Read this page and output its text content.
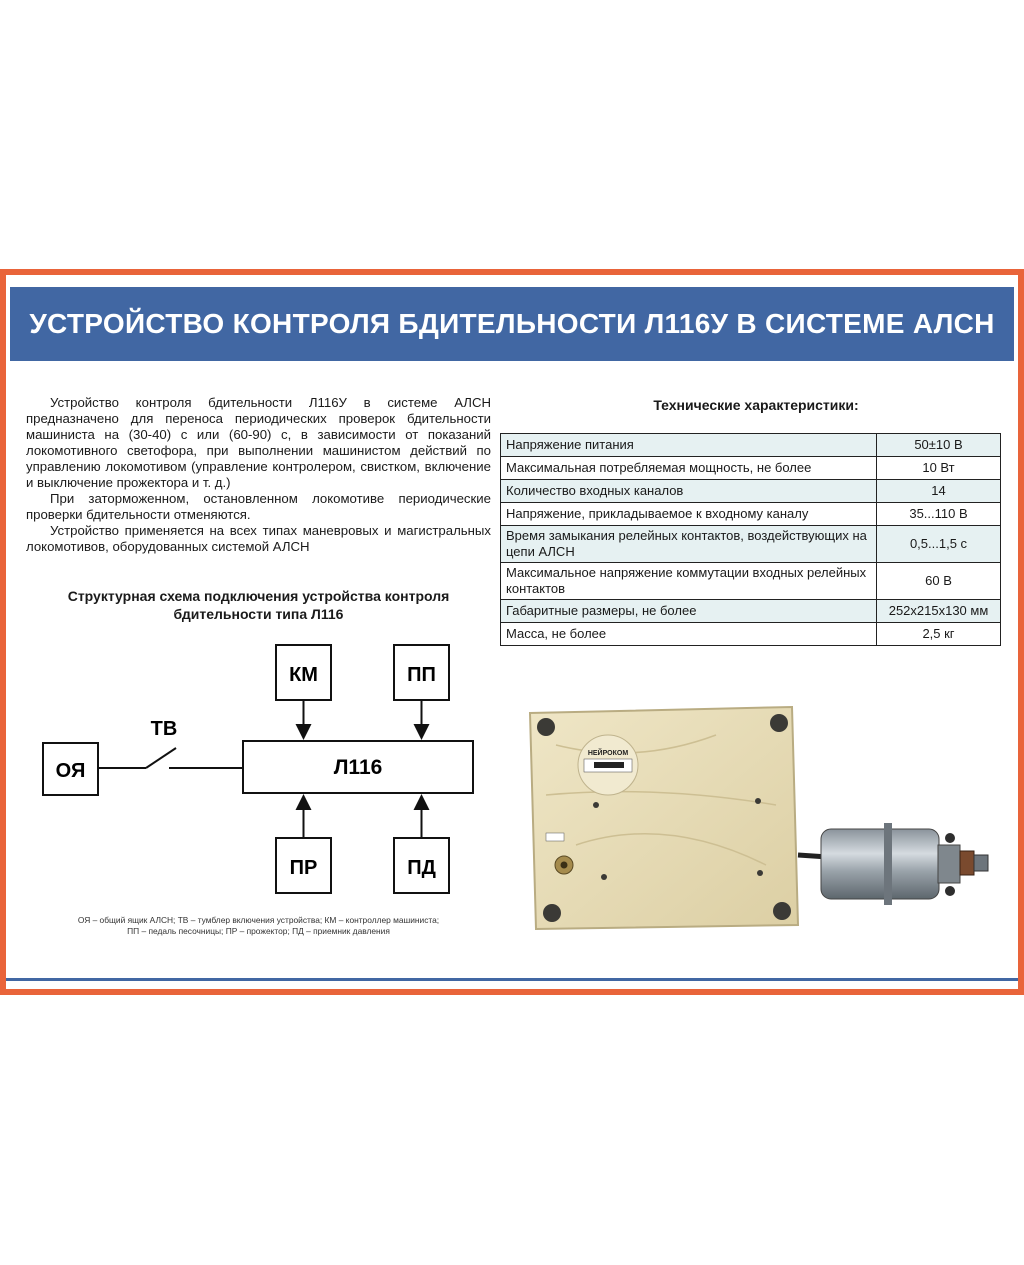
УСТРОЙСТВО КОНТРОЛЯ БДИТЕЛЬНОСТИ Л116У В СИСТЕМЕ АЛСН

Устройство контроля бдительности Л116У в системе АЛСН предназначено для переноса периодических проверок бдительности машиниста на (30-40) с или (60-90) с, в зависимости от показаний локомотивного светофора, при выполнении машинистом действий по управлению локомотивом (управление контролером, свистком, включение и выключение прожектора и т. д.)

При заторможенном, остановленном локомотиве периодические проверки бдительности отменяются.

Устройство применяется на всех типах маневровых и магистральных локомотивов, оборудованных системой АЛСН

Структурная схема подключения устройства контроля бдительности типа Л116
КМ	ПП
Л116
ОЯ
ТВ
ПР	ПД
ОЯ – общий ящик АЛСН; ТВ – тумблер включения устройства; КМ – контроллер машиниста;
ПП – педаль песочницы; ПР – прожектор; ПД – приемник давления
Технические характеристики:
Напряжение питания	50±10 В
Максимальная потребляемая мощность, не более	10 Вт
Количество входных каналов	14
Напряжение, прикладываемое к входному каналу	35...110 В
Время замыкания релейных контактов, воздействующих на цепи АЛСН	0,5...1,5 с
Максимальное напряжение коммутации входных релейных контактов	60 В
Габаритные размеры, не более	252x215x130 мм
Масса, не более	2,5 кг
НЕЙРОКОМ
